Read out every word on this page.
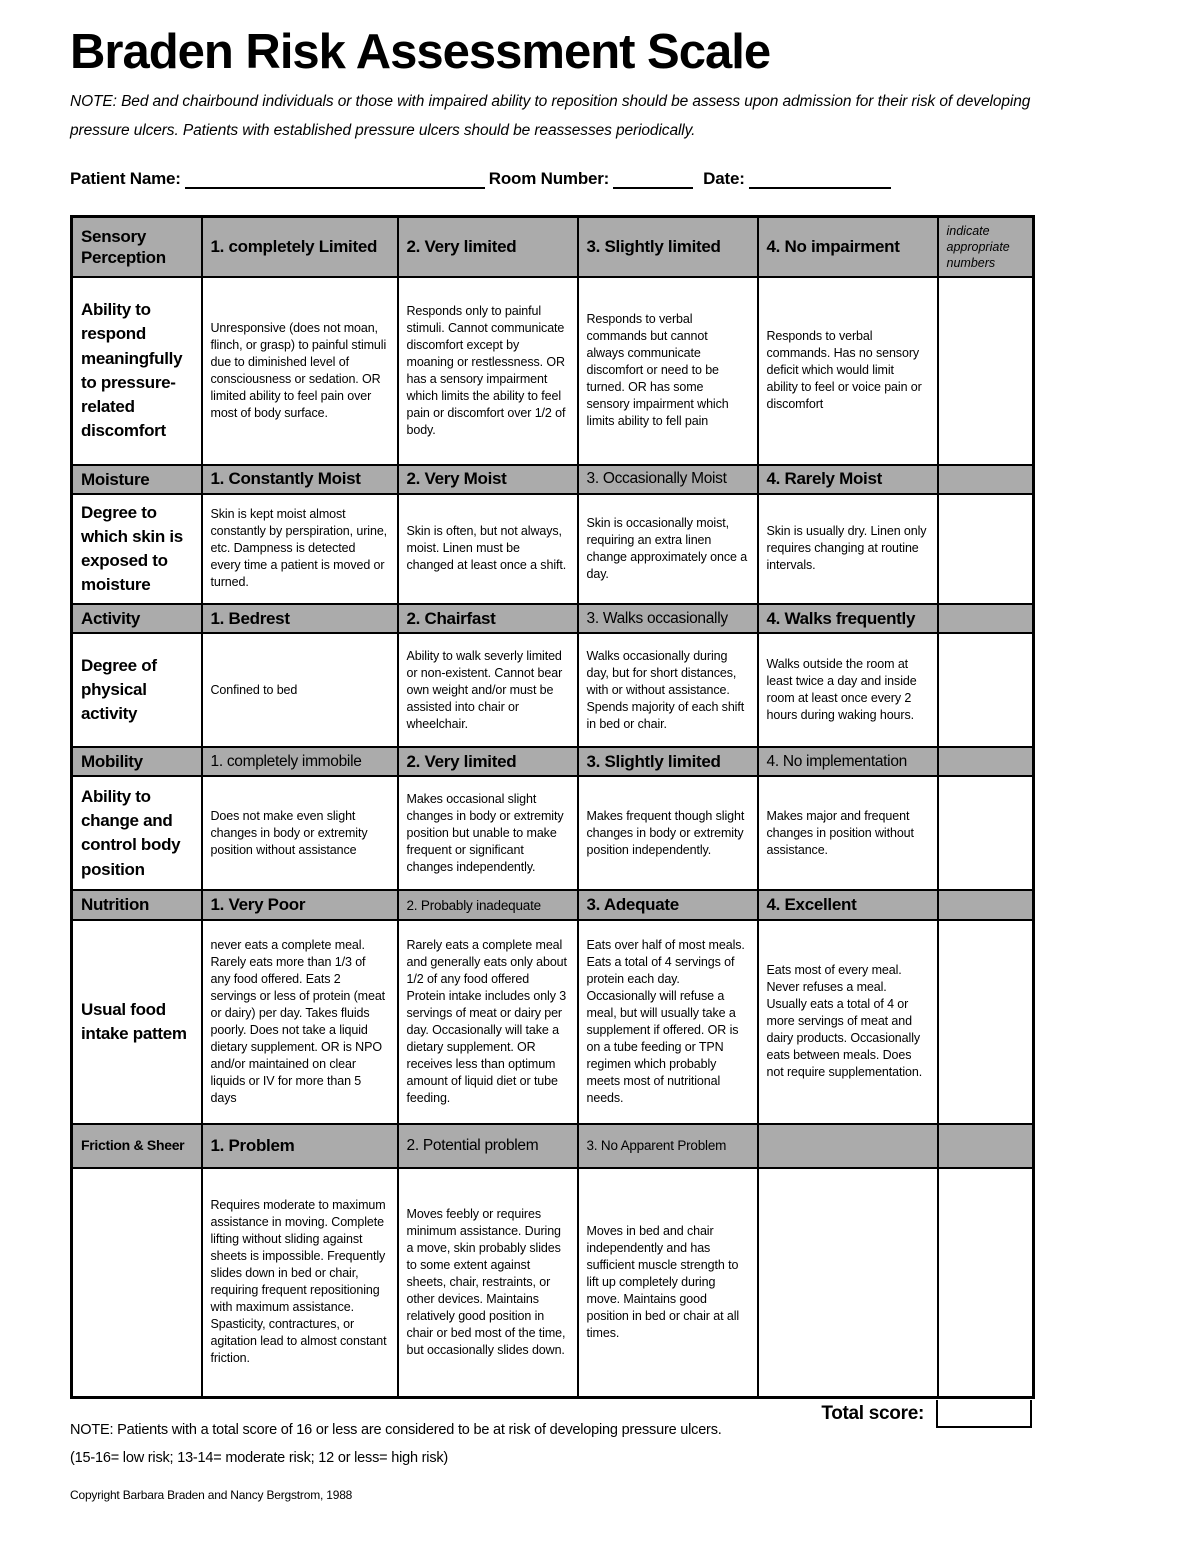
Braden Risk Assessment Scale

NOTE: Bed and chairbound individuals or those with impaired ability to reposition should be assess upon admission for their risk of developing pressure ulcers. Patients with established pressure ulcers should be reassesses periodically.

Patient Name:	Room Number:	Date:
Sensory Perception	1. completely Limited	2. Very limited	3. Slightly limited	4. No impairment	indicate appropriate numbers
Ability to respond meaningfully to pressure-related discomfort	Unresponsive (does not moan, flinch, or grasp) to painful stimuli due to diminished level of consciousness or sedation. OR limited ability to feel pain over most of body surface.	Responds only to painful stimuli. Cannot communicate discomfort except by moaning or restlessness. OR has a sensory impairment which limits the ability to feel pain or discomfort over 1/2 of body.	Responds to verbal commands but cannot always communicate discomfort or need to be turned. OR has some sensory impairment which limits ability to fell pain	Responds to verbal commands. Has no sensory deficit which would limit ability to feel or voice pain or discomfort	
Moisture	1. Constantly Moist	2. Very Moist	3. Occasionally Moist	4. Rarely Moist	
Degree to which skin is exposed to moisture	Skin is kept moist almost constantly by perspiration, urine, etc. Dampness is detected every time a patient is moved or turned.	Skin is often, but not always, moist. Linen must be changed at least once a shift.	Skin is occasionally moist, requiring an extra linen change approximately once a day.	Skin is usually dry. Linen only requires changing at routine intervals.	
Activity	1. Bedrest	2. Chairfast	3. Walks occasionally	4. Walks frequently	
Degree of physical activity	Confined to bed	Ability to walk severly limited or non-existent. Cannot bear own weight and/or must be assisted into chair or wheelchair.	Walks occasionally during day, but for short distances, with or without assistance. Spends majority of each shift in bed or chair.	Walks outside the room at least twice a day and inside room at least once every 2 hours during waking hours.	
Mobility	1. completely immobile	2. Very limited	3. Slightly limited	4. No implementation	
Ability to change and control body position	Does not make even slight changes in body or extremity position without assistance	Makes occasional slight changes in body or extremity position but unable to make frequent or significant changes independently.	Makes frequent though slight changes in body or extremity position independently.	Makes major and frequent changes in position without assistance.	
Nutrition	1. Very Poor	2. Probably inadequate	3. Adequate	4. Excellent	
Usual food intake pattem	never eats a complete meal. Rarely eats more than 1/3 of any food offered. Eats 2 servings or less of protein (meat or dairy) per day. Takes fluids poorly. Does not take a liquid dietary supplement. OR is NPO and/or maintained on clear liquids or IV for more than 5 days	Rarely eats a complete meal and generally eats only about 1/2 of any food offered Protein intake includes only 3 servings of meat or dairy per day. Occasionally will take a dietary supplement. OR receives less than optimum amount of liquid diet or tube feeding.	Eats over half of most meals. Eats a total of 4 servings of protein each day. Occasionally will refuse a meal, but will usually take a supplement if offered. OR is on a tube feeding or TPN regimen which probably meets most of nutritional needs.	Eats most of every meal. Never refuses a meal. Usually eats a total of 4 or more servings of meat and dairy products. Occasionally eats between meals. Does not require supplementation.	
Friction & Sheer	1. Problem	2. Potential problem	3. No Apparent Problem		
	Requires moderate to maximum assistance in moving. Complete lifting without sliding against sheets is impossible. Frequently slides down in bed or chair, requiring frequent repositioning with maximum assistance. Spasticity, contractures, or agitation lead to almost constant friction.	Moves feebly or requires minimum assistance. During a move, skin probably slides to some extent against sheets, chair, restraints, or other devices. Maintains relatively good position in chair or bed most of the time, but occasionally slides down.	Moves in bed and chair independently and has sufficient muscle strength to lift up completely during move. Maintains good position in bed or chair at all times.		
Total score:
NOTE: Patients with a total score of 16 or less are considered to be at risk of developing pressure ulcers.
(15-16= low risk; 13-14= moderate risk; 12 or less= high risk)
Copyright Barbara Braden and Nancy Bergstrom, 1988
